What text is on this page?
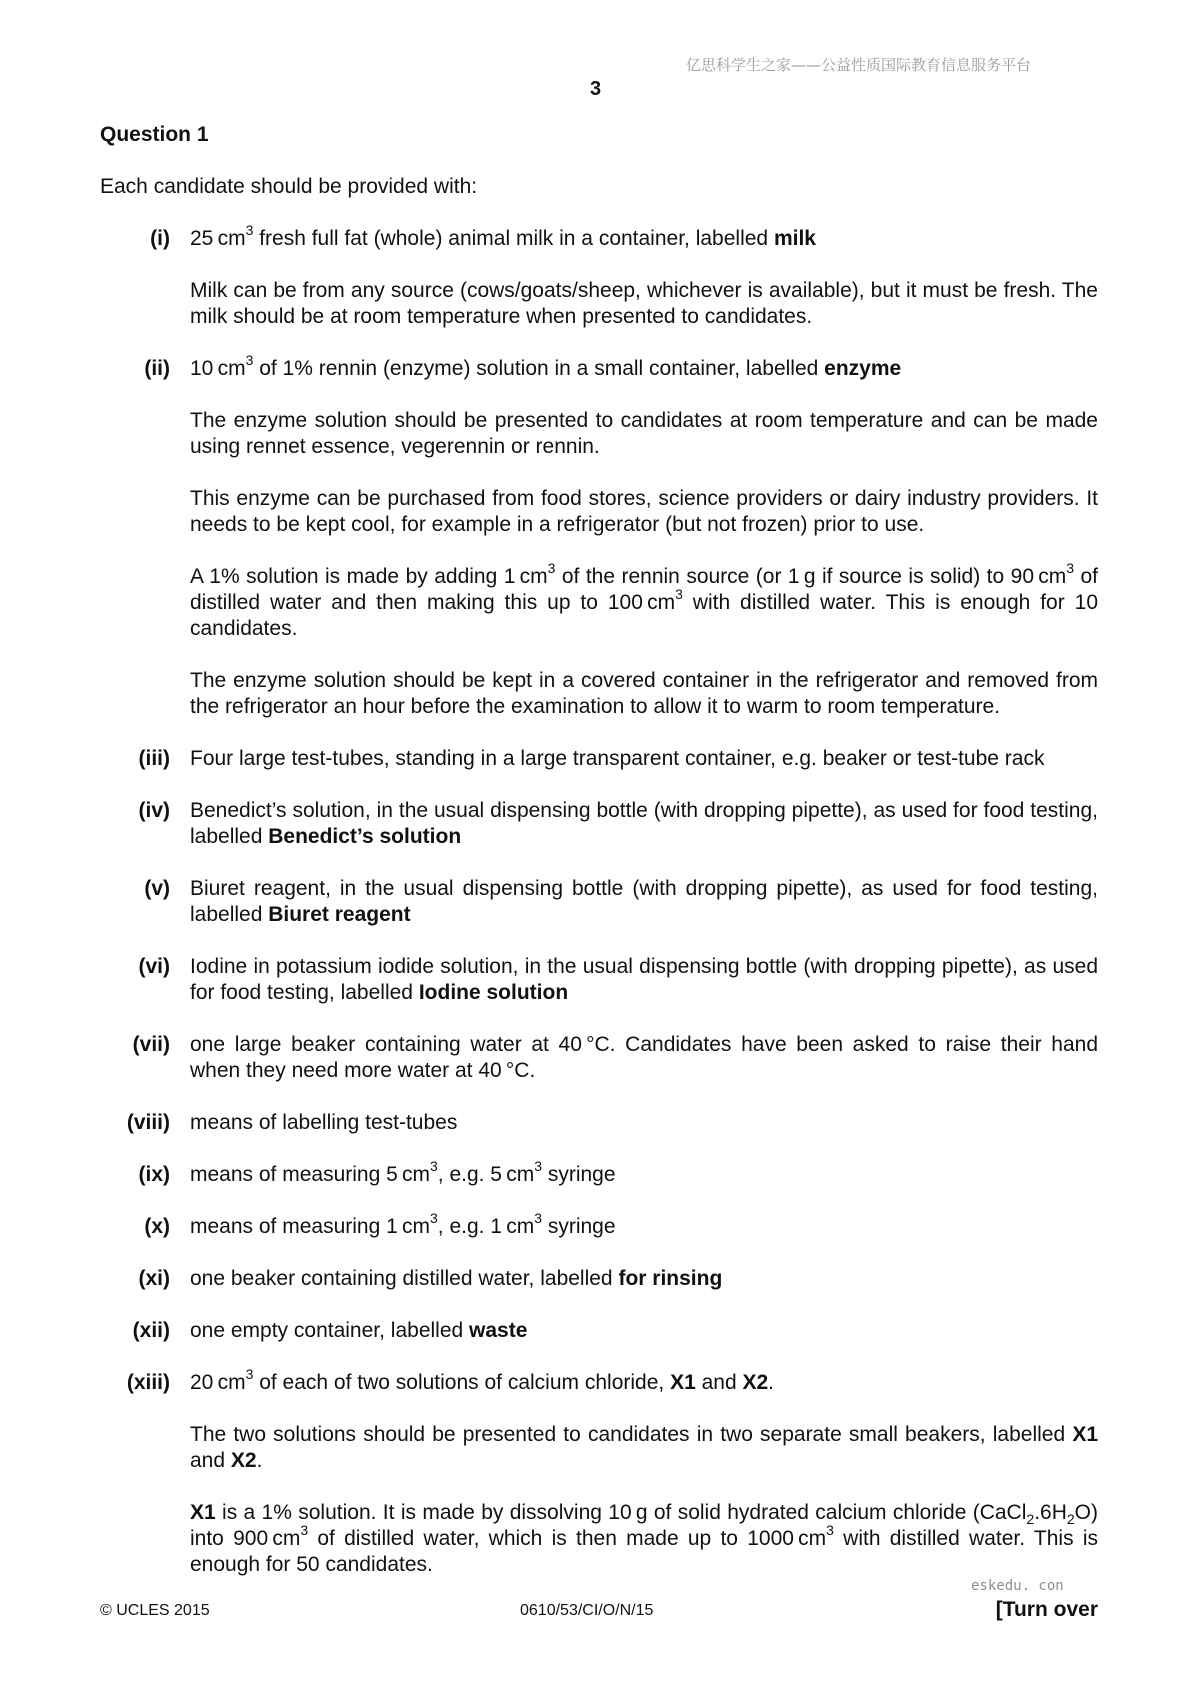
亿思科学生之家——公益性质国际教育信息服务平台
3
Question 1
Each candidate should be provided with:
(i) 25 $cm^3$ fresh full fat (whole) animal milk in a container, labelled milk

Milk can be from any source (cows/goats/sheep, whichever is available), but it must be fresh. The milk should be at room temperature when presented to candidates.

(ii) 10 $cm^3$ of 1% rennin (enzyme) solution in a small container, labelled enzyme

The enzyme solution should be presented to candidates at room temperature and can be made using rennet essence, vegerennin or rennin.

This enzyme can be purchased from food stores, science providers or dairy industry providers. It needs to be kept cool, for example in a refrigerator (but not frozen) prior to use.

A 1% solution is made by adding 1 $cm^3$ of the rennin source (or 1 g if source is solid) to 90 $cm^3$ of distilled water and then making this up to 100 $cm^3$ with distilled water. This is enough for 10 candidates.

The enzyme solution should be kept in a covered container in the refrigerator and removed from the refrigerator an hour before the examination to allow it to warm to room temperature.

(iii) Four large test-tubes, standing in a large transparent container, e.g. beaker or test-tube rack

(iv) Benedict’s solution, in the usual dispensing bottle (with dropping pipette), as used for food testing, labelled Benedict’s solution

(v) Biuret reagent, in the usual dispensing bottle (with dropping pipette), as used for food testing, labelled Biuret reagent

(vi) Iodine in potassium iodide solution, in the usual dispensing bottle (with dropping pipette), as used for food testing, labelled Iodine solution

(vii) one large beaker containing water at 40 °C. Candidates have been asked to raise their hand when they need more water at 40 °C.

(viii) means of labelling test-tubes

(ix) means of measuring 5 $cm^3$, e.g. 5 $cm^3$ syringe

(x) means of measuring 1 $cm^3$, e.g. 1 $cm^3$ syringe

(xi) one beaker containing distilled water, labelled for rinsing

(xii) one empty container, labelled waste

(xiii) 20 $cm^3$ of each of two solutions of calcium chloride, X1 and X2.

The two solutions should be presented to candidates in two separate small beakers, labelled X1 and X2.

X1 is a 1% solution. It is made by dissolving 10 g of solid hydrated calcium chloride $(CaCl_2.6H_2O)$ into 900 $cm^3$ of distilled water, which is then made up to 1000 $cm^3$ with distilled water. This is enough for 50 candidates.

eskedu. con
© UCLES 2015	0610/53/CI/O/N/15	[Turn over
